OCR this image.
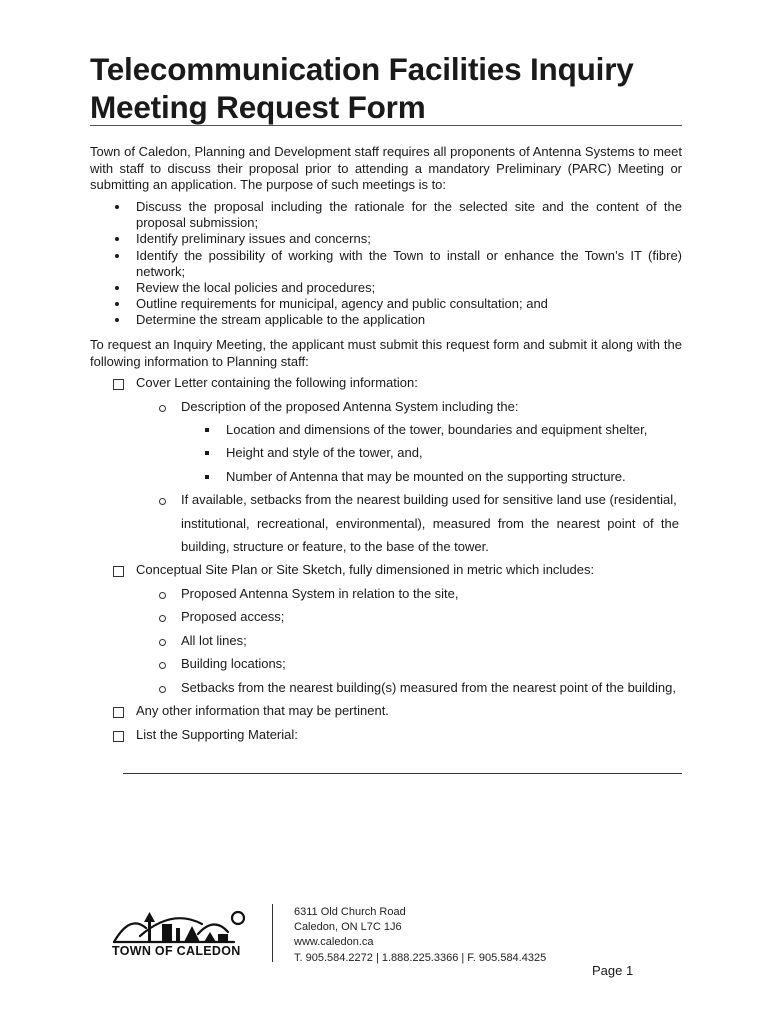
Telecommunication Facilities Inquiry Meeting Request Form

Town of Caledon, Planning and Development staff requires all proponents of Antenna Systems to meet with staff to discuss their proposal prior to attending a mandatory Preliminary (PARC) Meeting or submitting an application. The purpose of such meetings is to:

Discuss the proposal including the rationale for the selected site and the content of the proposal submission;
Identify preliminary issues and concerns;
Identify the possibility of working with the Town to install or enhance the Town’s IT (fibre) network;
Review the local policies and procedures;
Outline requirements for municipal, agency and public consultation; and
Determine the stream applicable to the application

To request an Inquiry Meeting, the applicant must submit this request form and submit it along with the following information to Planning staff:

Cover Letter containing the following information:
Description of the proposed Antenna System including the:
Location and dimensions of the tower, boundaries and equipment shelter,
Height and style of the tower, and,
Number of Antenna that may be mounted on the supporting structure.
If available, setbacks from the nearest building used for sensitive land use (residential,
institutional, recreational, environmental), measured from the nearest point of the
building, structure or feature, to the base of the tower.
Conceptual Site Plan or Site Sketch, fully dimensioned in metric which includes:
Proposed Antenna System in relation to the site,
Proposed access;
All lot lines;
Building locations;
Setbacks from the nearest building(s) measured from the nearest point of the building,
Any other information that may be pertinent.
List the Supporting Material:
TOWN OF CALEDON
6311 Old Church Road
Caledon, ON L7C 1J6
www.caledon.ca
T. 905.584.2272 | 1.888.225.3366 | F. 905.584.4325
Page 1
